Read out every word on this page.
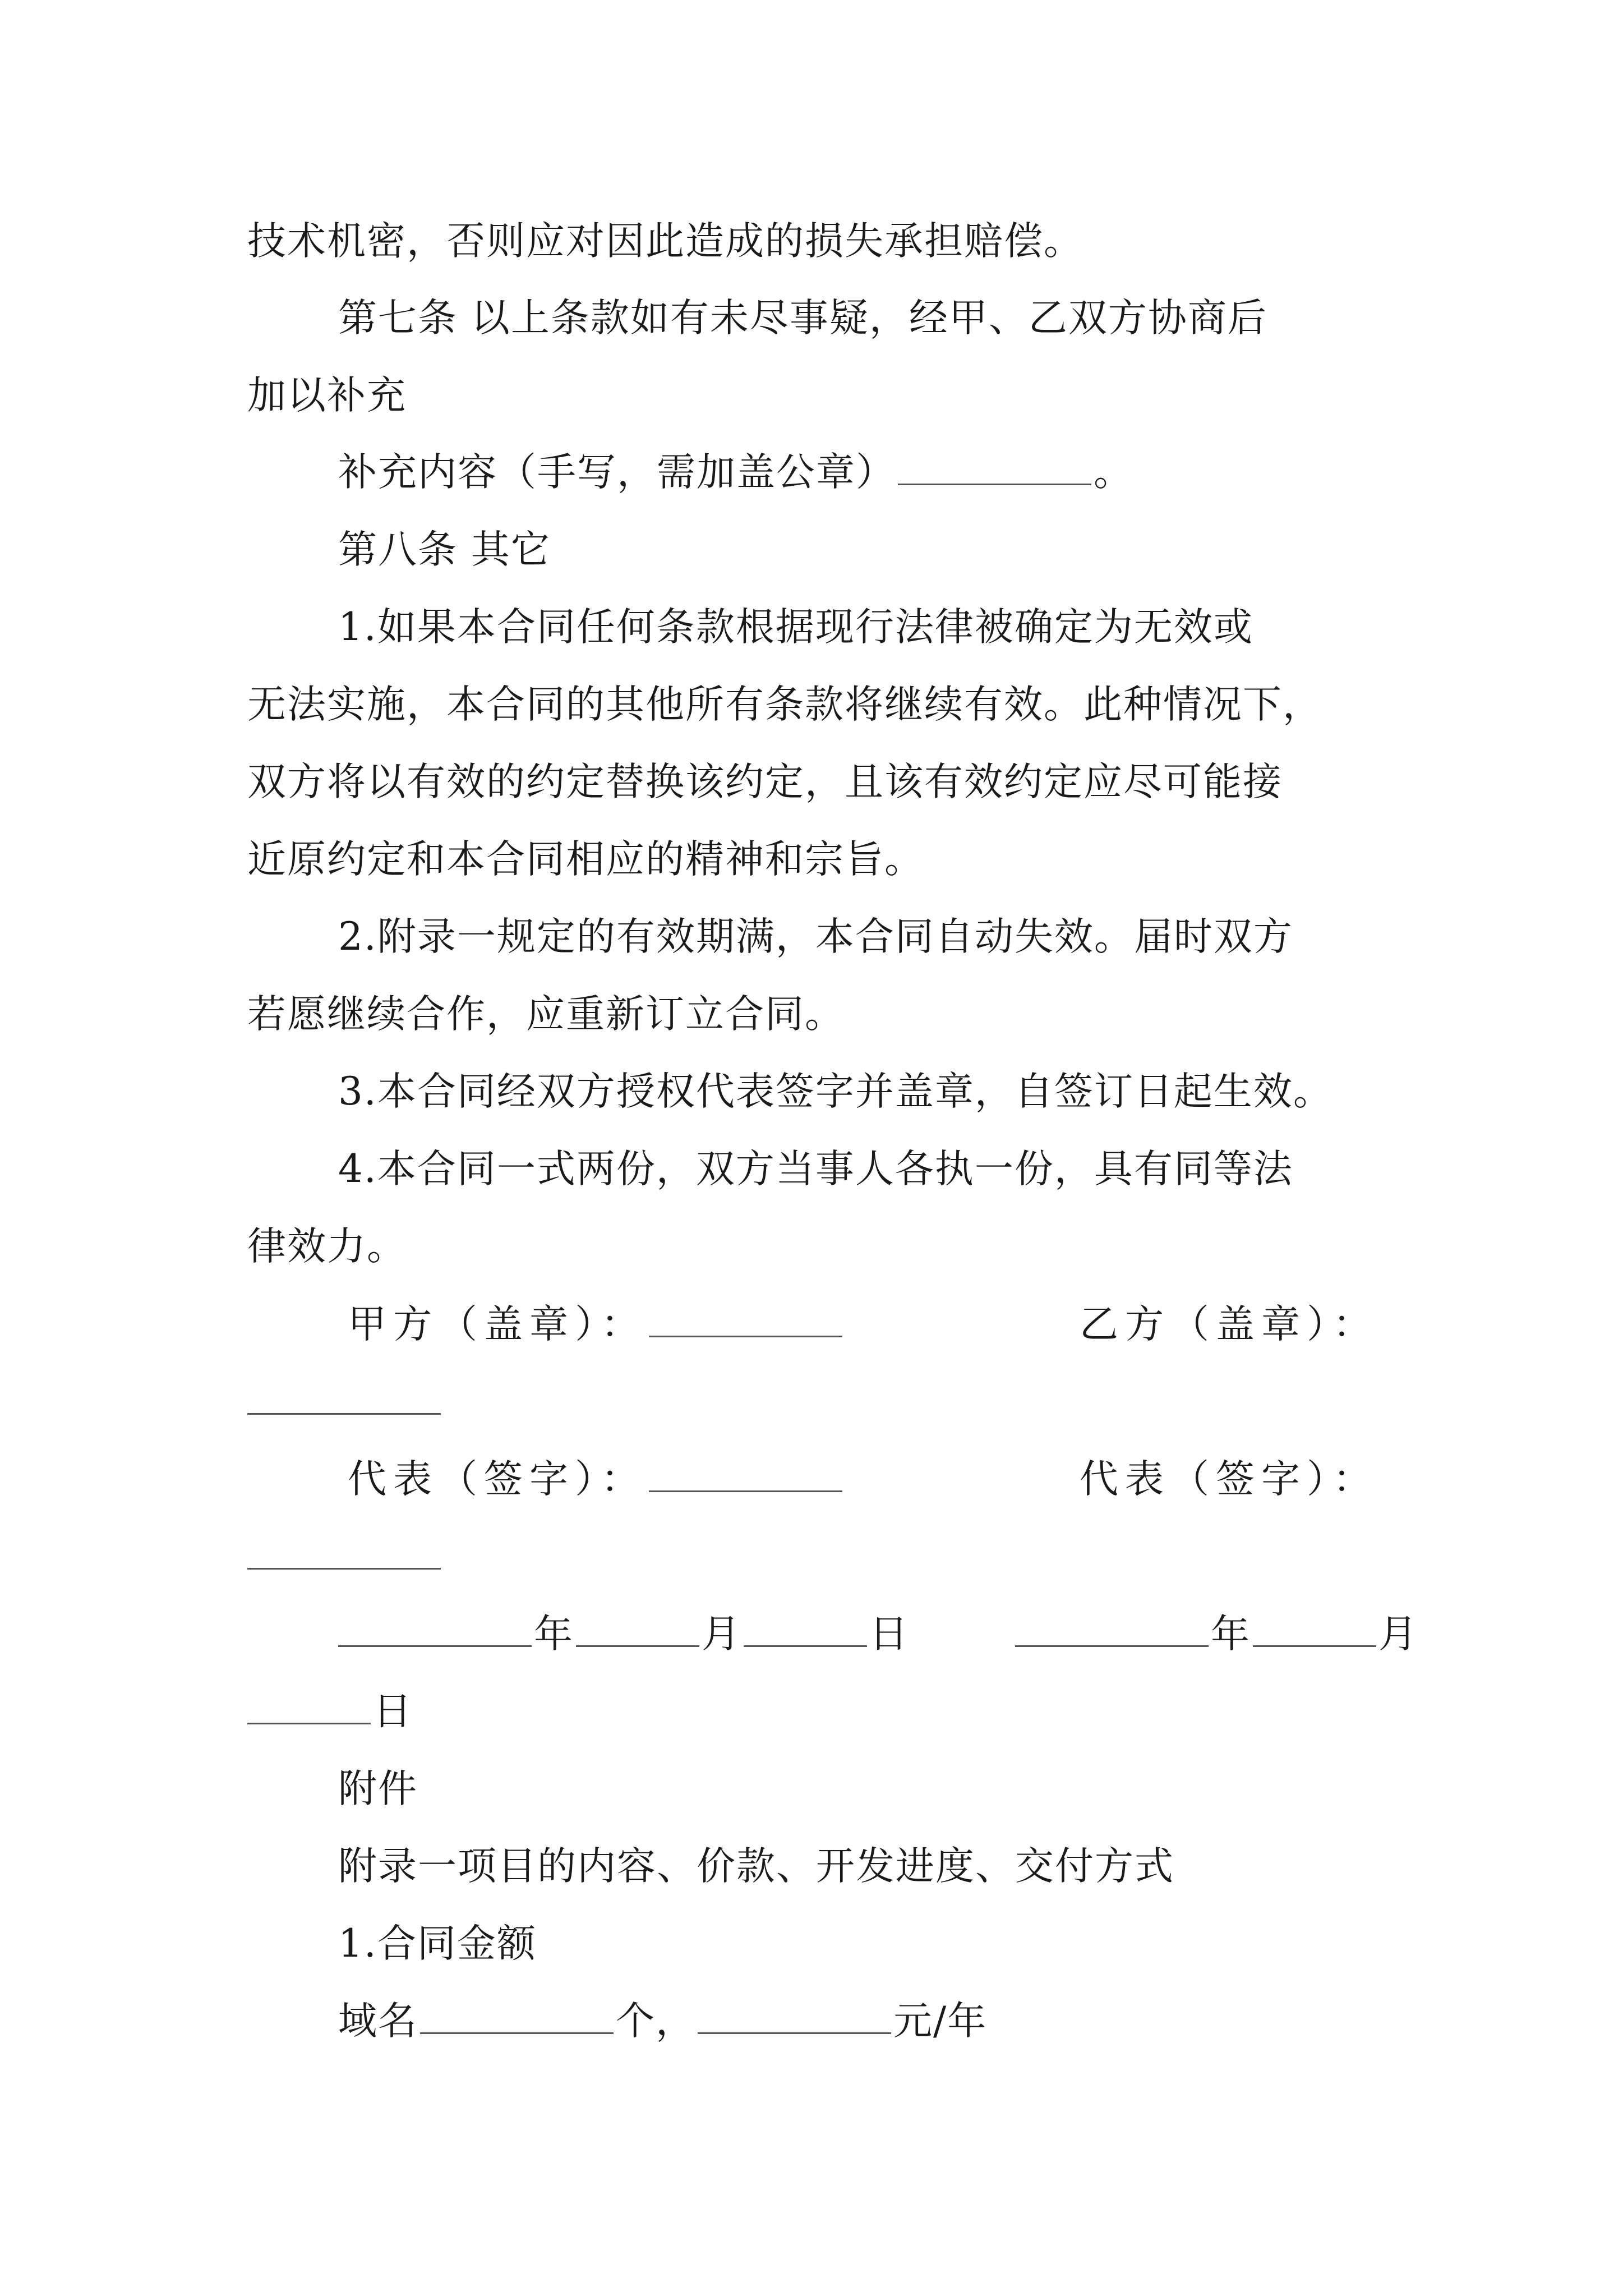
技术机密，否则应对因此造成的损失承担赔偿。
第七条 以上条款如有未尽事疑，经甲、乙双方协商后
加以补充
补充内容（手写，需加盖公章）	。
第八条 其它
1.如果本合同任何条款根据现行法律被确定为无效或
无法实施，本合同的其他所有条款将继续有效。此种情况下，
双方将以有效的约定替换该约定，且该有效约定应尽可能接
近原约定和本合同相应的精神和宗旨。
2.附录一规定的有效期满，本合同自动失效。届时双方
若愿继续合作，应重新订立合同。
3.本合同经双方授权代表签字并盖章，自签订日起生效。
4.本合同一式两份，双方当事人各执一份，具有同等法
律效力。
甲方（盖章）：	乙方（盖章）：
代表（签字）：	代表（签字）：
年	月	日	年	月
日
附件
附录一项目的内容、价款、开发进度、交付方式
1.合同金额
域名	个，	元/年
